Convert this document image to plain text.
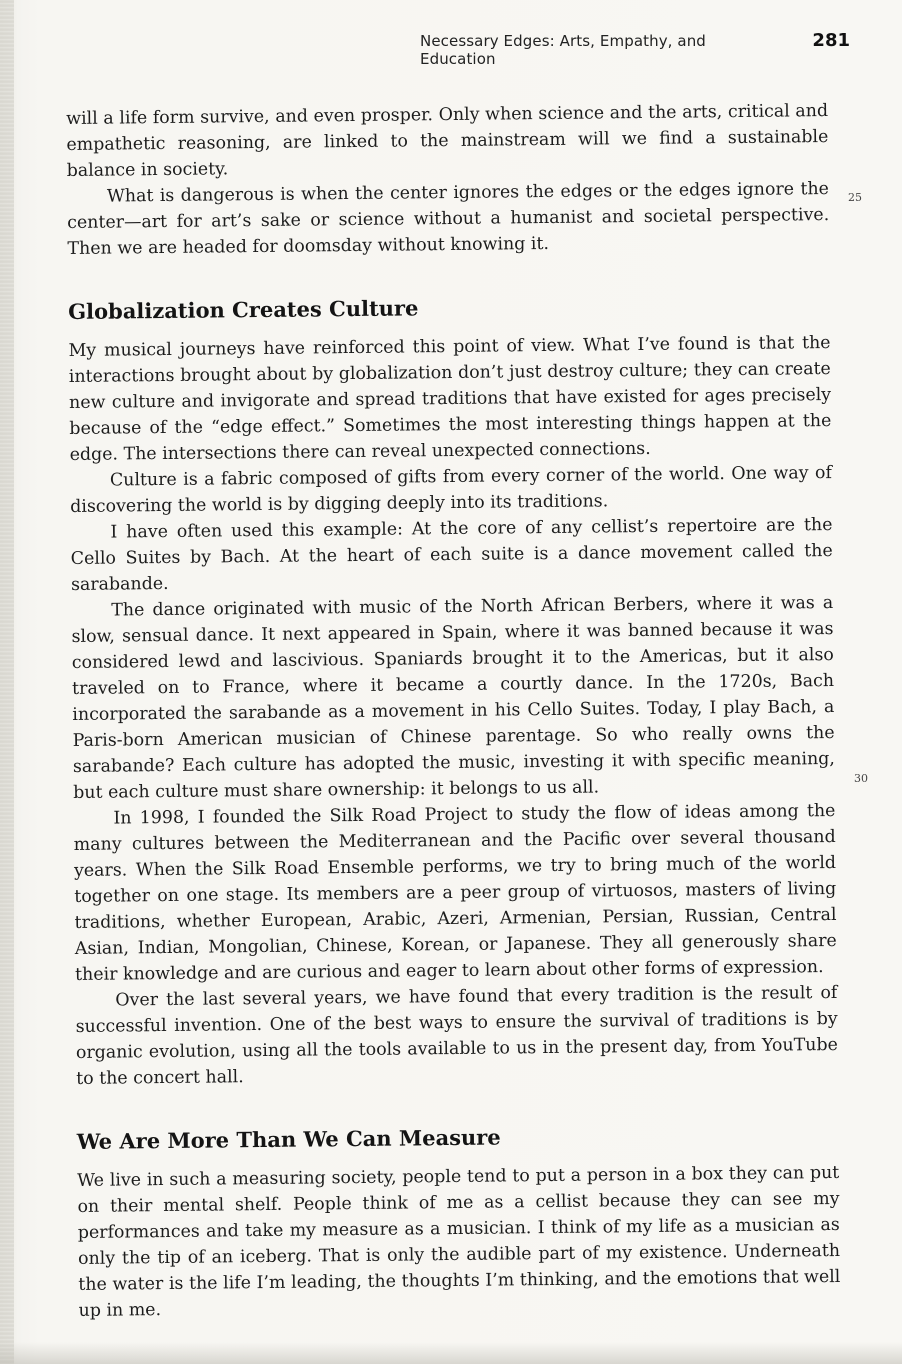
Necessary Edges: Arts, Empathy, and Education
281
25
30

will a life form survive, and even prosper. Only when science and the arts, critical and empathetic reasoning, are linked to the mainstream will we find a sustainable balance in society.

What is dangerous is when the center ignores the edges or the edges ignore the center—art for art’s sake or science without a humanist and societal perspective. Then we are headed for doomsday without knowing it.

Globalization Creates Culture

My musical journeys have reinforced this point of view. What I’ve found is that the interactions brought about by globalization don’t just destroy culture; they can create new culture and invigorate and spread traditions that have existed for ages precisely because of the “edge effect.” Sometimes the most interesting things happen at the edge. The intersections there can reveal unexpected connections.

Culture is a fabric composed of gifts from every corner of the world. One way of discovering the world is by digging deeply into its traditions.

I have often used this example: At the core of any cellist’s repertoire are the Cello Suites by Bach. At the heart of each suite is a dance movement called the sarabande.

The dance originated with music of the North African Berbers, where it was a slow, sensual dance. It next appeared in Spain, where it was banned because it was considered lewd and lascivious. Spaniards brought it to the Americas, but it also traveled on to France, where it became a courtly dance. In the 1720s, Bach incorporated the sarabande as a movement in his Cello Suites. Today, I play Bach, a Paris-born American musician of Chinese parentage. So who really owns the sarabande? Each culture has adopted the music, investing it with specific meaning, but each culture must share ownership: it belongs to us all.

In 1998, I founded the Silk Road Project to study the flow of ideas among the many cultures between the Mediterranean and the Pacific over several thousand years. When the Silk Road Ensemble performs, we try to bring much of the world together on one stage. Its members are a peer group of virtuosos, masters of living traditions, whether European, Arabic, Azeri, Armenian, Persian, Russian, Central Asian, Indian, Mongolian, Chinese, Korean, or Japanese. They all generously share their knowledge and are curious and eager to learn about other forms of expression.

Over the last several years, we have found that every tradition is the result of successful invention. One of the best ways to ensure the survival of traditions is by organic evolution, using all the tools available to us in the present day, from YouTube to the concert hall.

We Are More Than We Can Measure

We live in such a measuring society, people tend to put a person in a box they can put on their mental shelf. People think of me as a cellist because they can see my performances and take my measure as a musician. I think of my life as a musician as only the tip of an iceberg. That is only the audible part of my existence. Underneath the water is the life I’m leading, the thoughts I’m thinking, and the emotions that well up in me.
